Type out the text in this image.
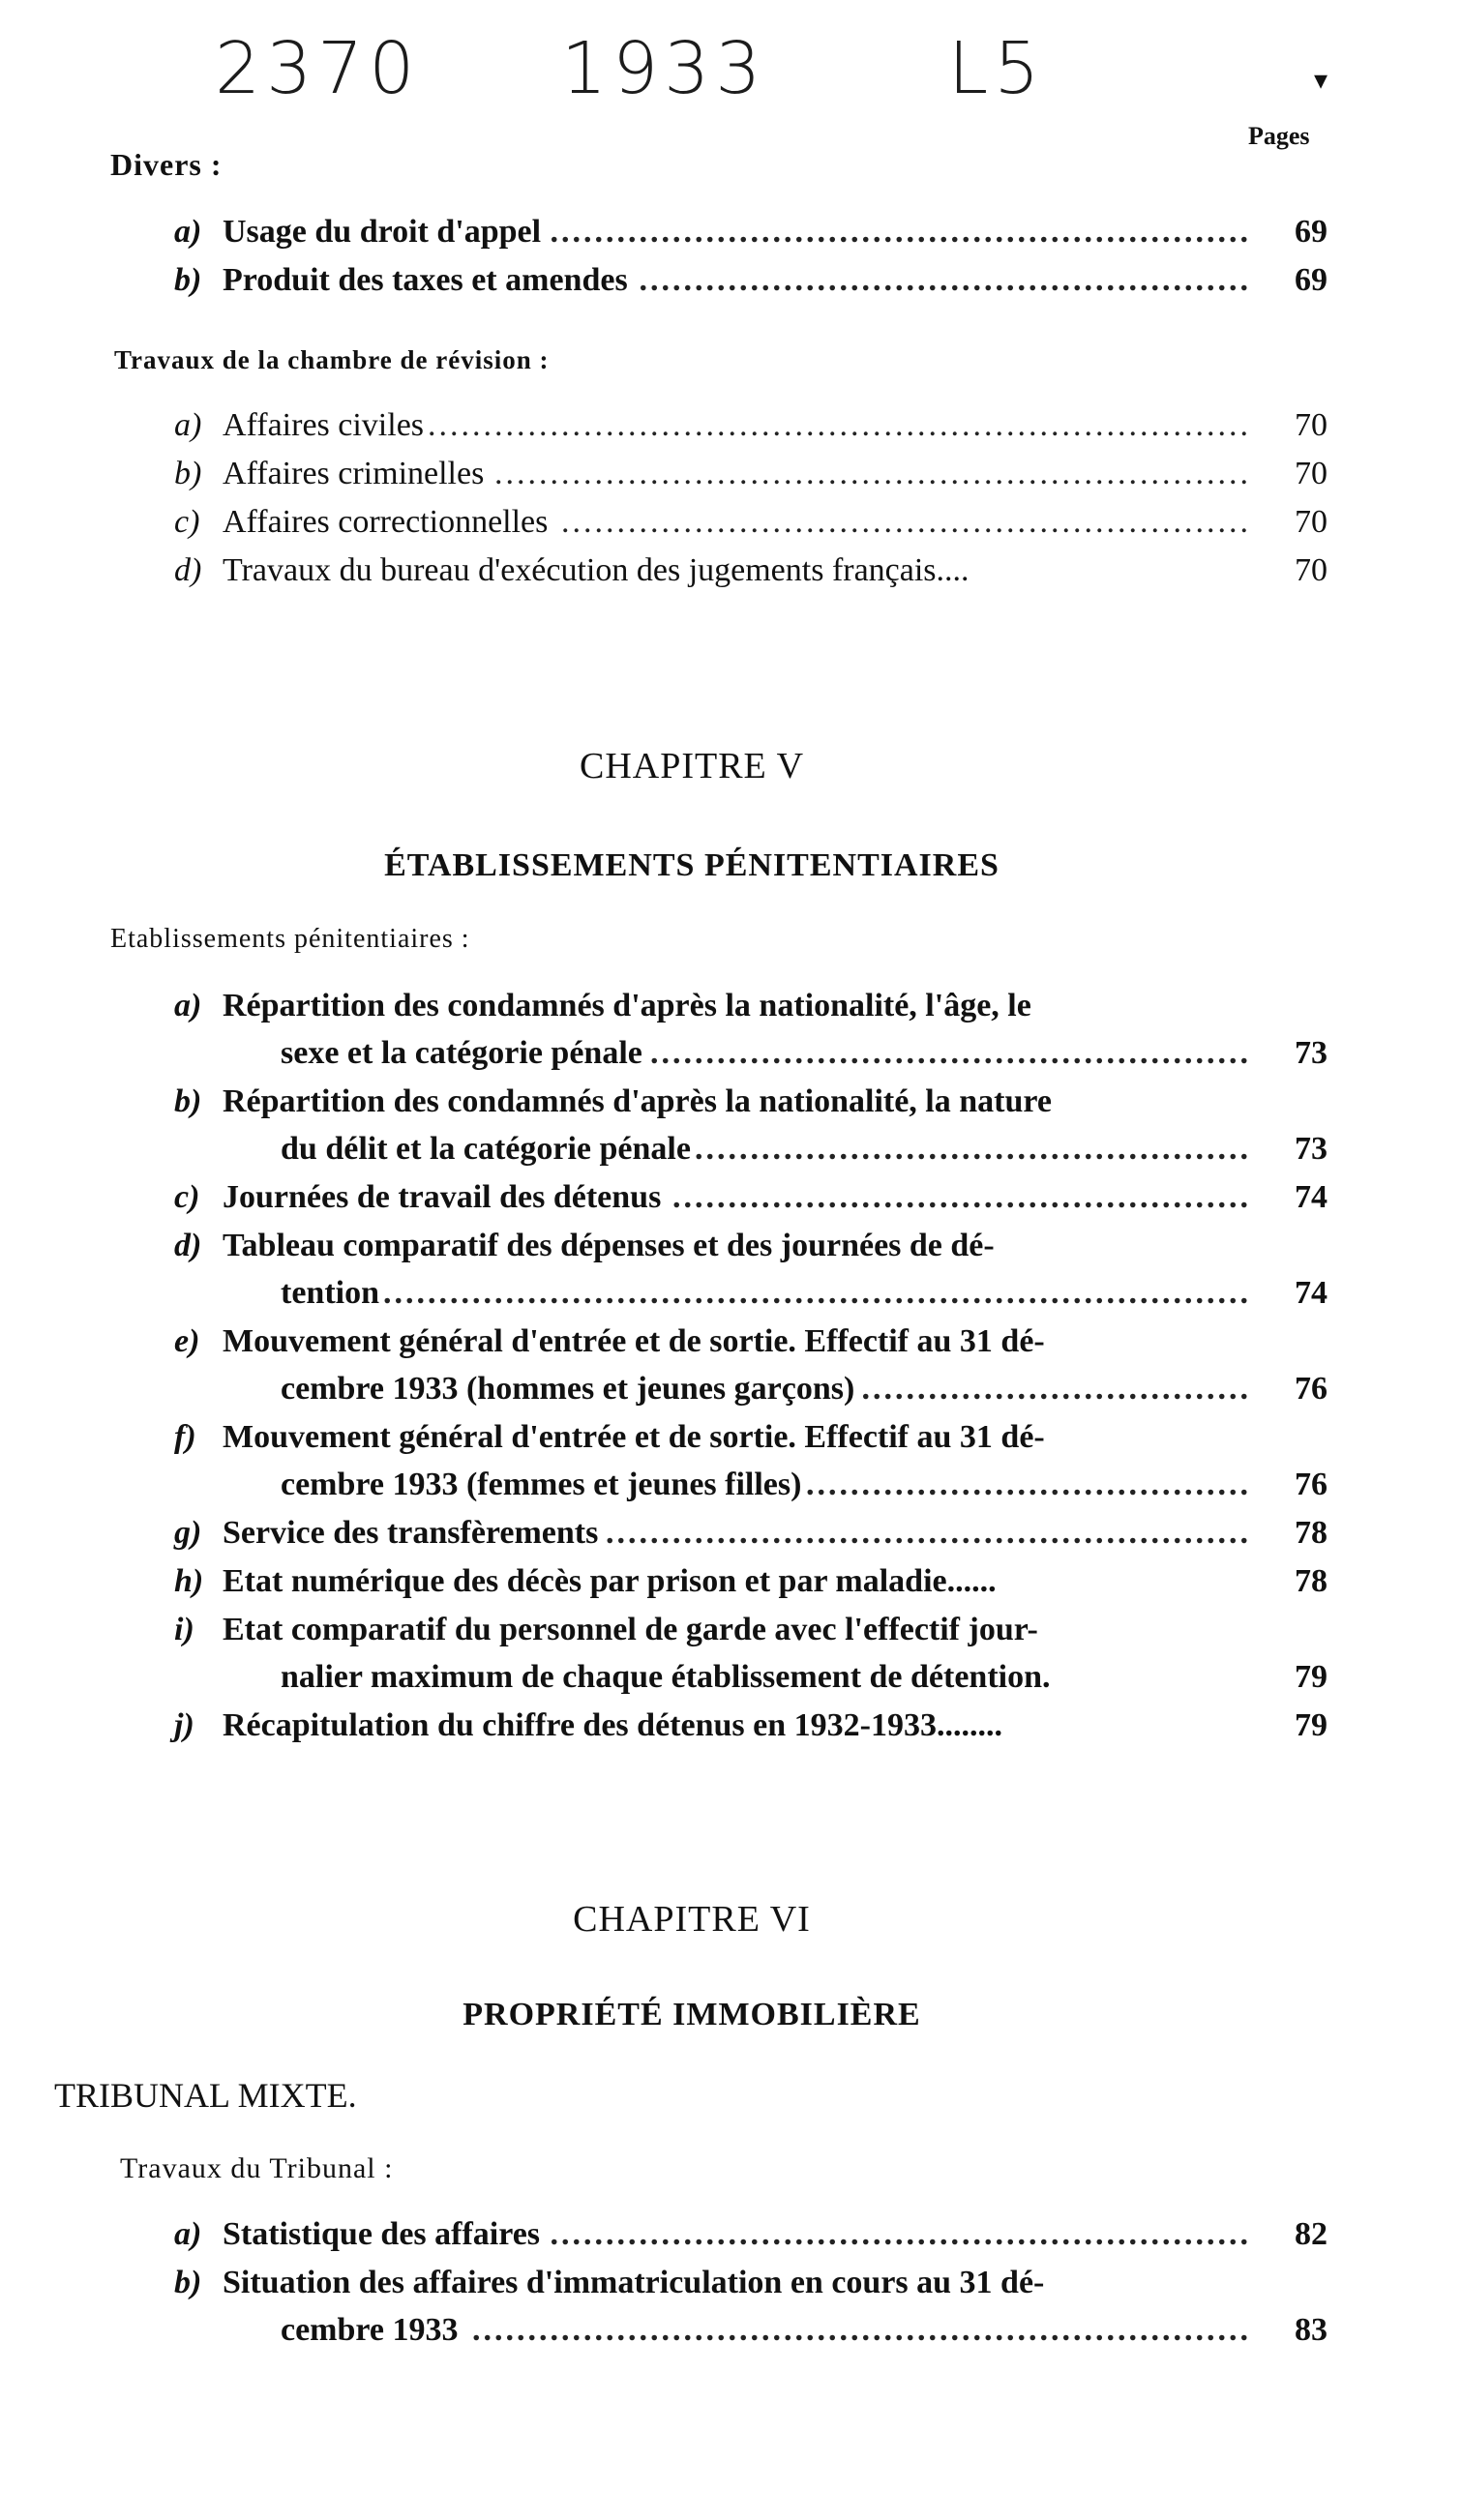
2370 1933	L5	▾
Pages
Divers :
a) Usage du droit d'appel	69
...............................................................
b) Produit des taxes et amendes	69
.......................................................
Travaux de la chambre de révision :
a) Affaires civiles	70
..........................................................................
b) Affaires criminelles	70
....................................................................
c) Affaires correctionnelles	70
..............................................................
d) Travaux du bureau d'exécution des jugements français....	70
CHAPITRE V
ÉTABLISSEMENTS PÉNITENTIAIRES
Etablissements pénitentiaires :
a) Répartition des condamnés d'après la nationalité, l'âge, le
sexe et la catégorie pénale	73
......................................................
b) Répartition des condamnés d'après la nationalité, la nature
du délit et la catégorie pénale	73
..................................................
c) Journées de travail des détenus	74
....................................................
d) Tableau comparatif des dépenses et des journées de dé-
tention	74
..............................................................................
e) Mouvement général d'entrée et de sortie. Effectif au 31 dé-
cembre 1933 (hommes et jeunes garçons)	76
...................................
f) Mouvement général d'entrée et de sortie. Effectif au 31 dé-
cembre 1933 (femmes et jeunes filles)	76
........................................
g) Service des transfèrements	78
..........................................................
h) Etat numérique des décès par prison et par maladie......	78
i) Etat comparatif du personnel de garde avec l'effectif jour-
nalier maximum de chaque établissement de détention.	79
j) Récapitulation du chiffre des détenus en 1932-1933........	79
CHAPITRE VI
PROPRIÉTÉ IMMOBILIÈRE
TRIBUNAL MIXTE.
Travaux du Tribunal :
a) Statistique des affaires	82
...............................................................
b) Situation des affaires d'immatriculation en cours au 31 dé-
cembre 1933	83
......................................................................
